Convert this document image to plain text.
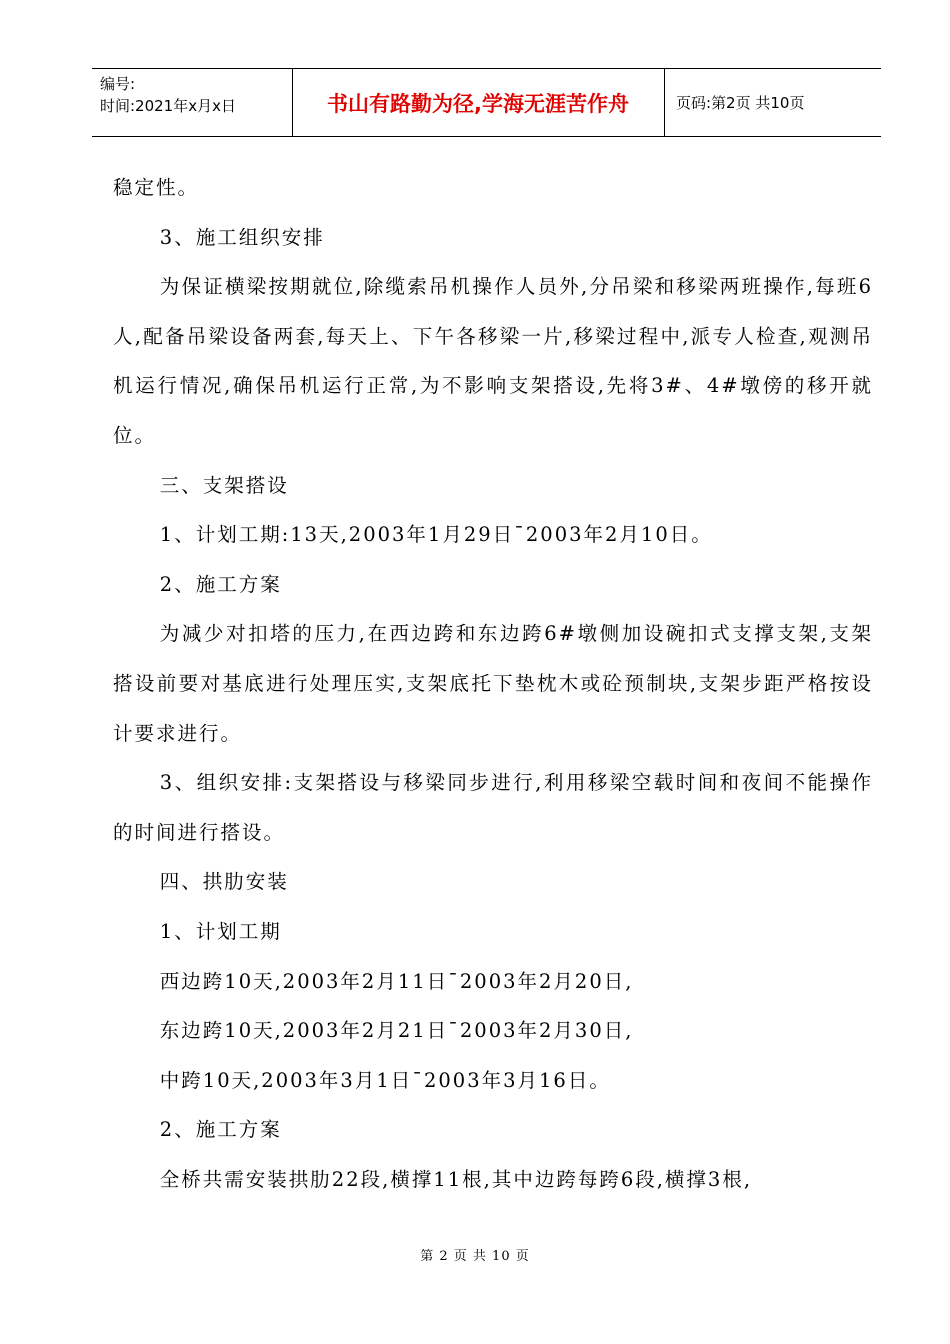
编号:
时间:2021年x月x日	书山有路勤为径,学海无涯苦作舟	页码:第2页 共10页

稳定性。

3、施工组织安排

为保证横梁按期就位,除缆索吊机操作人员外,分吊梁和移梁两班操作,每班6人,配备吊梁设备两套,每天上、下午各移梁一片,移梁过程中,派专人检查,观测吊机运行情况,确保吊机运行正常,为不影响支架搭设,先将3#、4#墩傍的移开就位。

三、支架搭设

1、计划工期:13天,2003年1月29日¯2003年2月10日。

2、施工方案

为减少对扣塔的压力,在西边跨和东边跨6#墩侧加设碗扣式支撑支架,支架搭设前要对基底进行处理压实,支架底托下垫枕木或砼预制块,支架步距严格按设计要求进行。

3、组织安排:支架搭设与移梁同步进行,利用移梁空载时间和夜间不能操作的时间进行搭设。

四、拱肋安装

1、计划工期

西边跨10天,2003年2月11日¯2003年2月20日,

东边跨10天,2003年2月21日¯2003年2月30日,

中跨10天,2003年3月1日¯2003年3月16日。

2、施工方案

全桥共需安装拱肋22段,横撑11根,其中边跨每跨6段,横撑3根,

第 2 页 共 10 页
